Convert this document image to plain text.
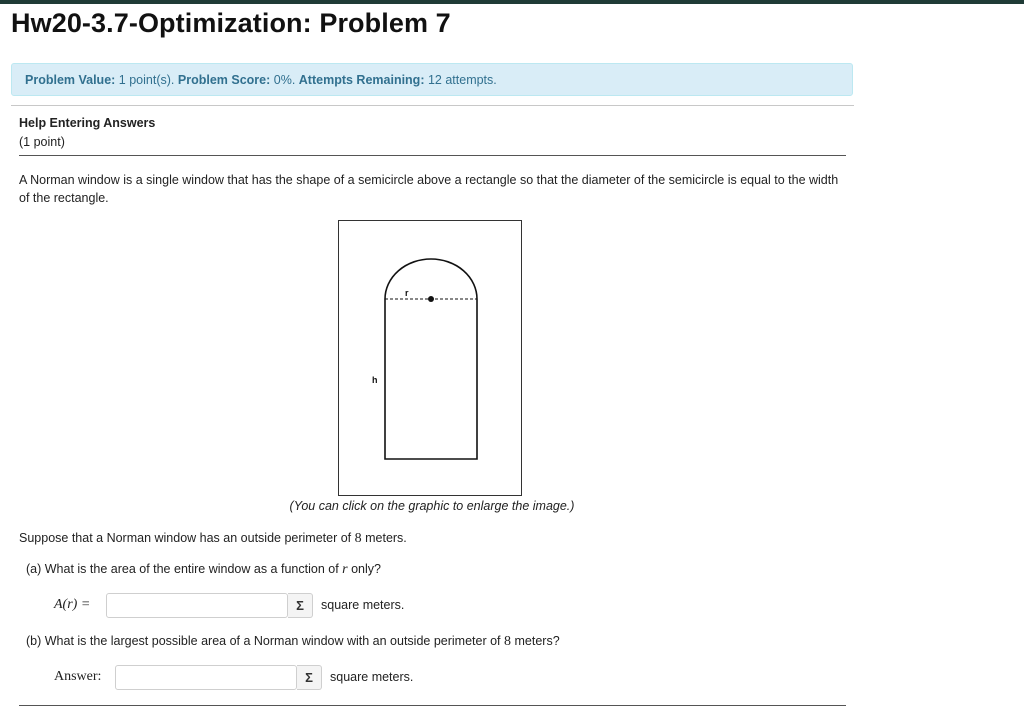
Hw20-3.7-Optimization: Problem 7
Problem Value: 1 point(s). Problem Score: 0%. Attempts Remaining: 12 attempts.
Help Entering Answers
(1 point)
A Norman window is a single window that has the shape of a semicircle above a rectangle so that the diameter of the semicircle is equal to the width of the rectangle.
r
h
(You can click on the graphic to enlarge the image.)
Suppose that a Norman window has an outside perimeter of 8 meters.
(a) What is the area of the entire window as a function of r only?
A(r) =	Σ	square meters.
(b) What is the largest possible area of a Norman window with an outside perimeter of 8 meters?
Answer:	Σ	square meters.
